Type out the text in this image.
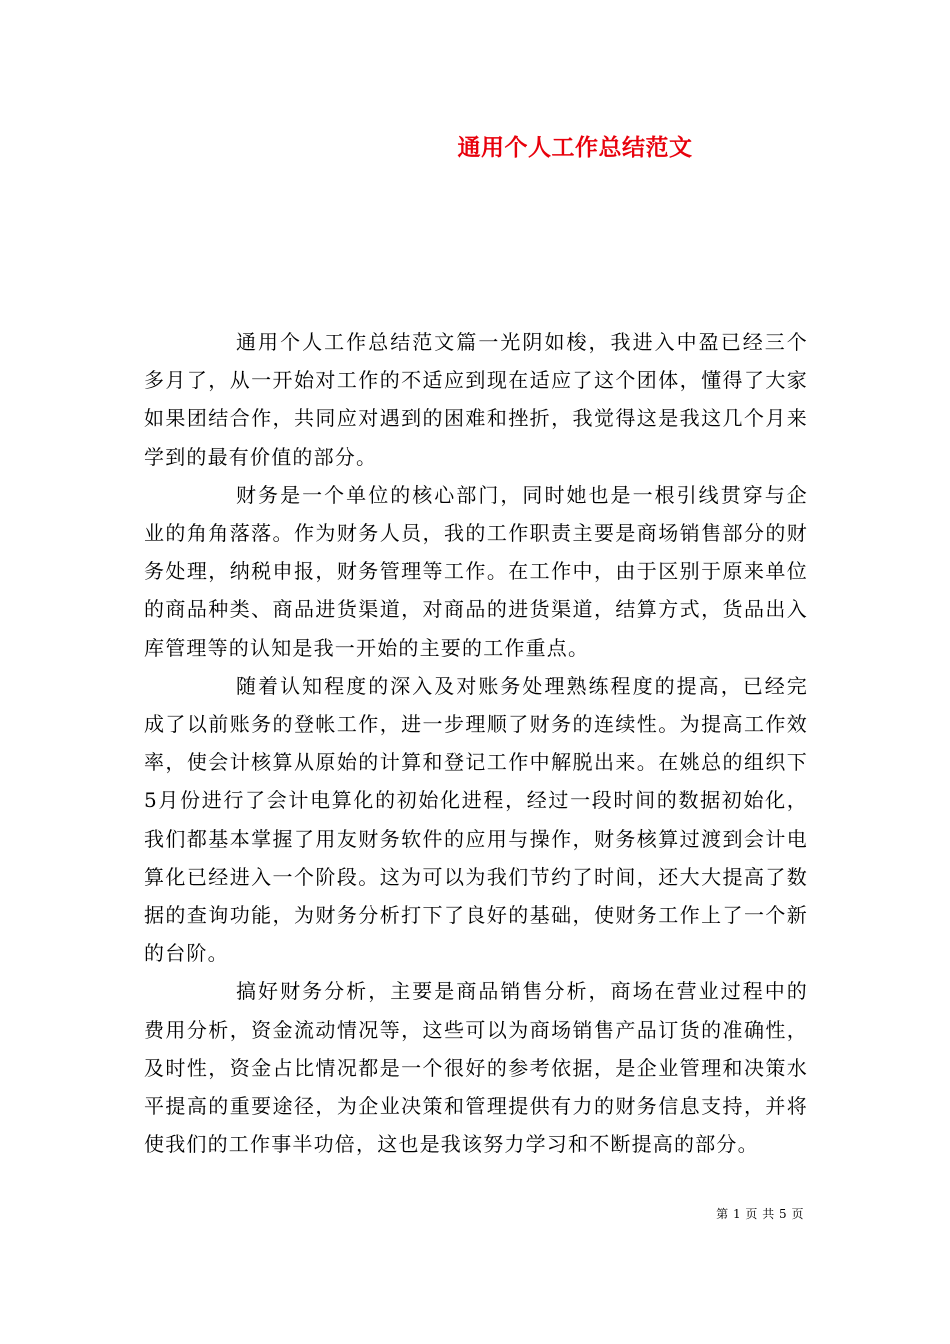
通用个人工作总结范文

通用个人工作总结范文篇一光阴如梭，我进入中盈已经三个多月了，从一开始对工作的不适应到现在适应了这个团体，懂得了大家如果团结合作，共同应对遇到的困难和挫折，我觉得这是我这几个月来学到的最有价值的部分。

财务是一个单位的核心部门，同时她也是一根引线贯穿与企业的角角落落。作为财务人员，我的工作职责主要是商场销售部分的财务处理，纳税申报，财务管理等工作。在工作中，由于区别于原来单位的商品种类、商品进货渠道，对商品的进货渠道，结算方式，货品出入库管理等的认知是我一开始的主要的工作重点。

随着认知程度的深入及对账务处理熟练程度的提高，已经完成了以前账务的登帐工作，进一步理顺了财务的连续性。为提高工作效率，使会计核算从原始的计算和登记工作中解脱出来。在姚总的组织下5月份进行了会计电算化的初始化进程，经过一段时间的数据初始化，我们都基本掌握了用友财务软件的应用与操作，财务核算过渡到会计电算化已经进入一个阶段。这为可以为我们节约了时间，还大大提高了数据的查询功能，为财务分析打下了良好的基础，使财务工作上了一个新的台阶。

搞好财务分析，主要是商品销售分析，商场在营业过程中的费用分析，资金流动情况等，这些可以为商场销售产品订货的准确性，及时性，资金占比情况都是一个很好的参考依据，是企业管理和决策水平提高的重要途径，为企业决策和管理提供有力的财务信息支持，并将使我们的工作事半功倍，这也是我该努力学习和不断提高的部分。

第 1 页 共 5 页
